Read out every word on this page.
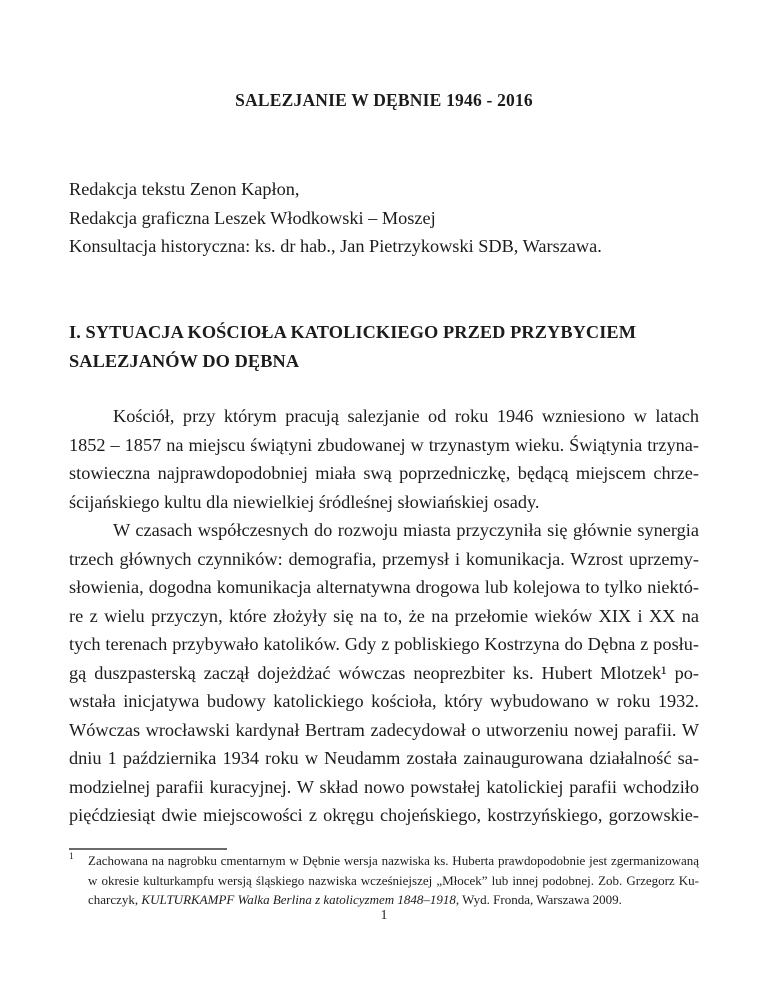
SALEZJANIE W DĘBNIE 1946 - 2016
Redakcja tekstu Zenon Kapłon,
Redakcja graficzna Leszek Włodkowski – Moszej
Konsultacja historyczna: ks. dr hab., Jan Pietrzykowski SDB, Warszawa.
I. SYTUACJA KOŚCIOŁA KATOLICKIEGO PRZED PRZYBYCIEM
SALEZJANÓW DO DĘBNA
Kościół, przy którym pracują salezjanie od roku 1946 wzniesiono w latach
1852 – 1857 na miejscu świątyni zbudowanej w trzynastym wieku. Świątynia trzyna-
stowieczna najprawdopodobniej miała swą poprzedniczkę, będącą miejscem chrze-
ścijańskiego kultu dla niewielkiej śródleśnej słowiańskiej osady.
W czasach współczesnych do rozwoju miasta przyczyniła się głównie synergia
trzech głównych czynników: demografia, przemysł i komunikacja. Wzrost uprzemy-
słowienia, dogodna komunikacja alternatywna drogowa lub kolejowa to tylko niektó-
re z wielu przyczyn, które złożyły się na to, że na przełomie wieków XIX i XX na
tych terenach przybywało katolików. Gdy z pobliskiego Kostrzyna do Dębna z posłu-
gą duszpasterską zaczął dojeżdżać wówczas neoprezbiter ks. Hubert Mlotzek¹ po-
wstała inicjatywa budowy katolickiego kościoła, który wybudowano w roku 1932.
Wówczas wrocławski kardynał Bertram zadecydował o utworzeniu nowej parafii. W
dniu 1 października 1934 roku w Neudamm została zainaugurowana działalność sa-
modzielnej parafii kuracyjnej. W skład nowo powstałej katolickiej parafii wchodziło
pięćdziesiąt dwie miejscowości z okręgu chojeńskiego, kostrzyńskiego, gorzowskie-
1 Zachowana na nagrobku cmentarnym w Dębnie wersja nazwiska ks. Huberta prawdopodobnie jest zgermanizowaną
w okresie kulturkampfu wersją śląskiego nazwiska wcześniejszej „Młocek” lub innej podobnej. Zob. Grzegorz Ku-
charczyk, KULTURKAMPF Walka Berlina z katolicyzmem 1848–1918, Wyd. Fronda, Warszawa 2009.
1
